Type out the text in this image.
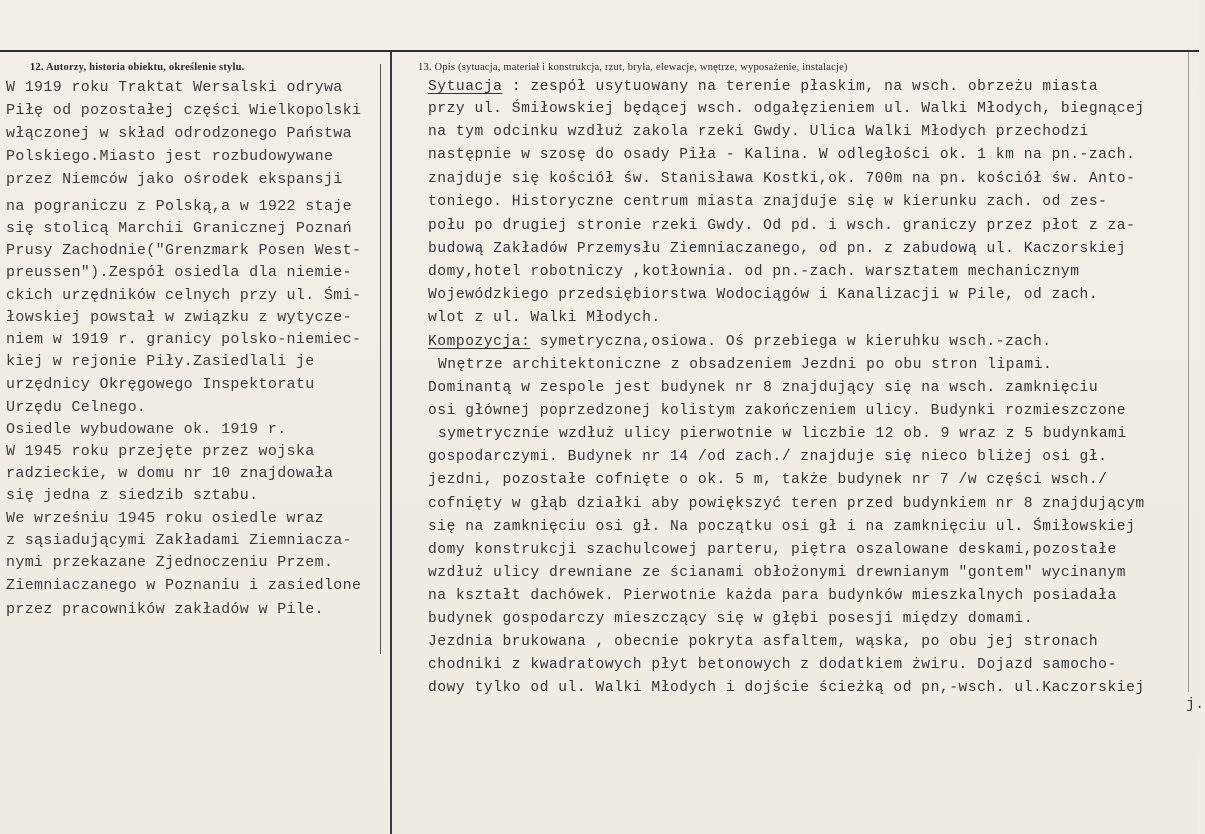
12. Autorzy, historia obiektu, określenie stylu.	13. Opis (sytuacja, materiał i konstrukcja, rzut, bryła, elewacje, wnętrze, wyposażenie, instalacje)
W 1919 roku Traktat Wersalski odrywa
Piłę od pozostałej części Wielkopolski
włączonej w skład odrodzonego Państwa
Polskiego.Miasto jest rozbudowywane
przez Niemców jako ośrodek ekspansji
na pograniczu z Polską,a w 1922 staje
się stolicą Marchii Granicznej Poznań
Prusy Zachodnie("Grenzmark Posen West-
preussen").Zespół osiedla dla niemie-
ckich urzędników celnych przy ul. Śmi-
łowskiej powstał w związku z wytycze-
niem w 1919 r. granicy polsko-niemiec-
kiej w rejonie Piły.Zasiedlali je
urzędnicy Okręgowego Inspektoratu
Urzędu Celnego.
Osiedle wybudowane ok. 1919 r.
W 1945 roku przejęte przez wojska
radzieckie, w domu nr 10 znajdowała
się jedna z siedzib sztabu.
We wrześniu 1945 roku osiedle wraz
z sąsiadującymi Zakładami Ziemniacza-
nymi przekazane Zjednoczeniu Przem.
Ziemniaczanego w Poznaniu i zasiedlone
przez pracowników zakładów w Pile.
Sytuacja : zespół usytuowany na terenie płaskim, na wsch. obrzeżu miasta
przy ul. Śmiłowskiej będącej wsch. odgałęzieniem ul. Walki Młodych, biegnącej
na tym odcinku wzdłuż zakola rzeki Gwdy. Ulica Walki Młodych przechodzi
następnie w szosę do osady Piła - Kalina. W odległości ok. 1 km na pn.-zach.
znajduje się kościół św. Stanisława Kostki,ok. 700m na pn. kościół św. Anto-
toniego. Historyczne centrum miasta znajduje się w kierunku zach. od zes-
połu po drugiej stronie rzeki Gwdy. Od pd. i wsch. graniczy przez płot z za-
budową Zakładów Przemysłu Ziemniaczanego, od pn. z zabudową ul. Kaczorskiej
domy,hotel robotniczy ,kotłownia. od pn.-zach. warsztatem mechanicznym
Wojewódzkiego przedsiębiorstwa Wodociągów i Kanalizacji w Pile, od zach.
wlot z ul. Walki Młodych.
Kompozycja: symetryczna,osiowa. Oś przebiega w kieruhku wsch.-zach.
Wnętrze architektoniczne z obsadzeniem Jezdni po obu stron lipami.
Dominantą w zespole jest budynek nr 8 znajdujący się na wsch. zamknięciu
osi głównej poprzedzonej kolistym zakończeniem ulicy. Budynki rozmieszczone
symetrycznie wzdłuż ulicy pierwotnie w liczbie 12 ob. 9 wraz z 5 budynkami
gospodarczymi. Budynek nr 14 /od zach./ znajduje się nieco bliżej osi gł.
jezdni, pozostałe cofnięte o ok. 5 m, także budynek nr 7 /w części wsch./
cofnięty w głąb działki aby powiększyć teren przed budynkiem nr 8 znajdującym
się na zamknięciu osi gł. Na początku osi gł i na zamknięciu ul. Śmiłowskiej
domy konstrukcji szachulcowej parteru, piętra oszalowane deskami,pozostałe
wzdłuż ulicy drewniane ze ścianami obłożonymi drewnianym "gontem" wycinanym
na kształt dachówek. Pierwotnie każda para budynków mieszkalnych posiadała
budynek gospodarczy mieszczący się w głębi posesji między domami.
Jezdnia brukowana , obecnie pokryta asfaltem, wąska, po obu jej stronach
chodniki z kwadratowych płyt betonowych z dodatkiem żwiru. Dojazd samocho-
dowy tylko od ul. Walki Młodych i dojście ścieżką od pn,-wsch. ul.Kaczorskiej
j.
